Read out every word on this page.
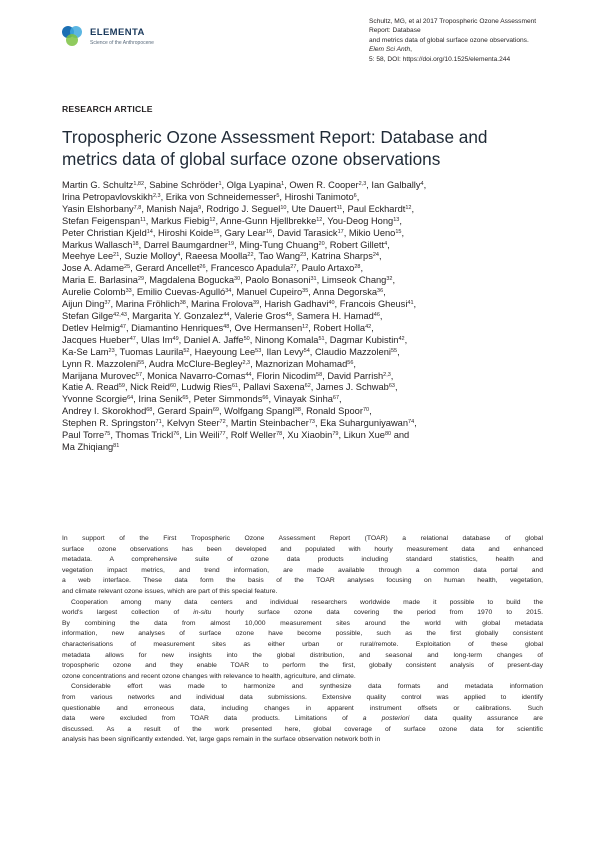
ELEMENTA
Science of the Anthropocene
Schultz, MG, et al 2017 Tropospheric Ozone Assessment Report: Database
and metrics data of global surface ozone observations. Elem Sci Anth,
5: 58, DOI: https://doi.org/10.1525/elementa.244
RESEARCH ARTICLE
Tropospheric Ozone Assessment Report: Database and
metrics data of global surface ozone observations
Martin G. Schultz$^{1,82}$, Sabine Schröder$^1$, Olga Lyapina$^1$, Owen R. Cooper$^{2,3}$, Ian Galbally$^4$,
Irina Petropavlovskikh$^{2,3}$, Erika von Schneidemesser$^5$, Hiroshi Tanimoto$^6$,
Yasin Elshorbany$^{7,8}$, Manish Naja$^9$, Rodrigo J. Seguel$^{10}$, Ute Dauert$^{11}$, Paul Eckhardt$^{12}$,
Stefan Feigenspan$^{11}$, Markus Fiebig$^{12}$, Anne-Gunn Hjellbrekke$^{12}$, You-Deog Hong$^{13}$,
Peter Christian Kjeld$^{14}$, Hiroshi Koide$^{15}$, Gary Lear$^{16}$, David Tarasick$^{17}$, Mikio Ueno$^{15}$,
Markus Wallasch$^{18}$, Darrel Baumgardner$^{19}$, Ming-Tung Chuang$^{20}$, Robert Gillett$^4$,
Meehye Lee$^{21}$, Suzie Molloy$^4$, Raeesa Moolla$^{22}$, Tao Wang$^{23}$, Katrina Sharps$^{24}$,
Jose A. Adame$^{25}$, Gerard Ancellet$^{26}$, Francesco Apadula$^{27}$, Paulo Artaxo$^{28}$,
Maria E. Barlasina$^{29}$, Magdalena Bogucka$^{30}$, Paolo Bonasoni$^{31}$, Limseok Chang$^{32}$,
Aurelie Colomb$^{33}$, Emilio Cuevas-Agulló$^{34}$, Manuel Cupeiro$^{35}$, Anna Degorska$^{36}$,
Aijun Ding$^{37}$, Marina Fröhlich$^{38}$, Marina Frolova$^{39}$, Harish Gadhavi$^{40}$, Francois Gheusi$^{41}$,
Stefan Gilge$^{42,43}$, Margarita Y. Gonzalez$^{44}$, Valerie Gros$^{45}$, Samera H. Hamad$^{46}$,
Detlev Helmig$^{47}$, Diamantino Henriques$^{48}$, Ove Hermansen$^{12}$, Robert Holla$^{42}$,
Jacques Hueber$^{47}$, Ulas Im$^{49}$, Daniel A. Jaffe$^{50}$, Ninong Komala$^{51}$, Dagmar Kubistin$^{42}$,
Ka-Se Lam$^{23}$, Tuomas Laurila$^{52}$, Haeyoung Lee$^{53}$, Ilan Levy$^{54}$, Claudio Mazzoleni$^{55}$,
Lynn R. Mazzoleni$^{55}$, Audra McClure-Begley$^{2,3}$, Maznorizan Mohamad$^{56}$,
Marijana Murovec$^{57}$, Monica Navarro-Comas$^{44}$, Florin Nicodim$^{58}$, David Parrish$^{2,3}$,
Katie A. Read$^{59}$, Nick Reid$^{60}$, Ludwig Ries$^{61}$, Pallavi Saxena$^{62}$, James J. Schwab$^{63}$,
Yvonne Scorgie$^{64}$, Irina Senik$^{65}$, Peter Simmonds$^{66}$, Vinayak Sinha$^{67}$,
Andrey I. Skorokhod$^{68}$, Gerard Spain$^{69}$, Wolfgang Spangl$^{38}$, Ronald Spoor$^{70}$,
Stephen R. Springston$^{71}$, Kelvyn Steer$^{72}$, Martin Steinbacher$^{73}$, Eka Suharguniyawan$^{74}$,
Paul Torre$^{75}$, Thomas Trickl$^{76}$, Lin Weili$^{77}$, Rolf Weller$^{78}$, Xu Xiaobin$^{79}$, Likun Xue$^{80}$ and
Ma Zhiqiang$^{81}$

In support of the First Tropospheric Ozone Assessment Report (TOAR) a relational database of global
surface ozone observations has been developed and populated with hourly measurement data and enhanced
metadata. A comprehensive suite of ozone data products including standard statistics, health and
vegetation impact metrics, and trend information, are made available through a common data portal and
a web interface. These data form the basis of the TOAR analyses focusing on human health, vegetation,
and climate relevant ozone issues, which are part of this special feature.

Cooperation among many data centers and individual researchers worldwide made it possible to build the
world's largest collection of in-situ hourly surface ozone data covering the period from 1970 to 2015.
By combining the data from almost 10,000 measurement sites around the world with global metadata
information, new analyses of surface ozone have become possible, such as the first globally consistent
characterisations of measurement sites as either urban or rural/remote. Exploitation of these global
metadata allows for new insights into the global distribution, and seasonal and long-term changes of
tropospheric ozone and they enable TOAR to perform the first, globally consistent analysis of present-day
ozone concentrations and recent ozone changes with relevance to health, agriculture, and climate.

Considerable effort was made to harmonize and synthesize data formats and metadata information
from various networks and individual data submissions. Extensive quality control was applied to identify
questionable and erroneous data, including changes in apparent instrument offsets or calibrations. Such
data were excluded from TOAR data products. Limitations of a posteriori data quality assurance are
discussed. As a result of the work presented here, global coverage of surface ozone data for scientific
analysis has been significantly extended. Yet, large gaps remain in the surface observation network both in
